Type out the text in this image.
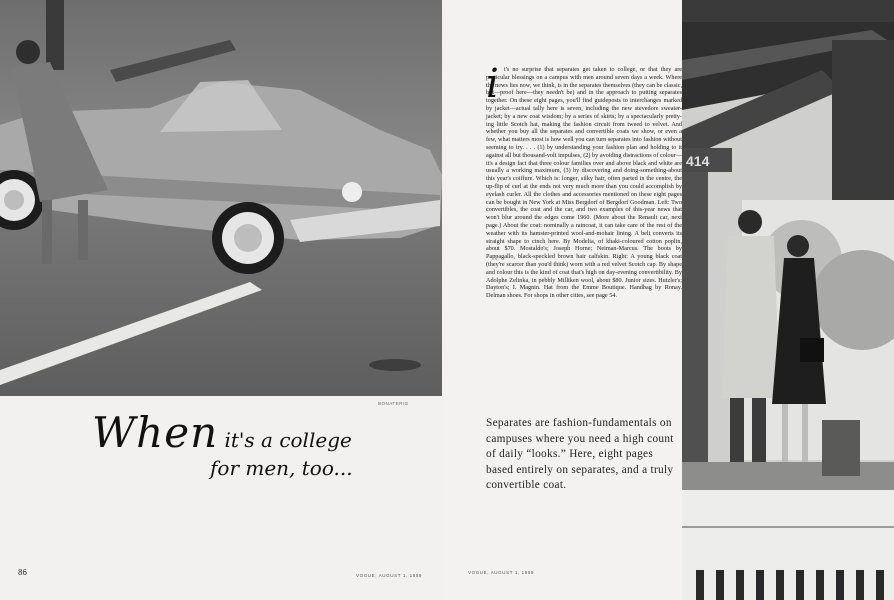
BONATERIG
When it's a college
for men, too...
86	VOGUE, AUGUST 1, 1959
i t's no surprise that separates get taken to college, or that they are particular blessings on a campus with men around seven days a week. Where the news lies now, we think, is in the separates themselves (they can be classic, but—proof here—they needn't be) and in the approach to putting separates together. On these eight pages, you'll find guideposts to interchanges marked by jacket—actual tally here is seven, including the new stevedore sweater-jacket; by a new coat wisdom; by a series of skirts; by a spectacularly pretty-ing little Scotch hat, making the fashion circuit from tweed to velvet. And whether you buy all the separates and convertible coats we show, or even a few, what matters most is how well you can turn separates into fashion without seeming to try. . . . (1) by understanding your fashion plan and holding to it against all but thousand-volt impulses, (2) by avoiding distractions of colour—it's a design fact that three colour families over and above black and white are usually a working maximum, (3) by discovering and doing-something-about this year's coiffure. Which is: longer, silky hair, often parted in the centre, the up-flip of curl at the ends not very much more than you could accomplish by eyelash curler. All the clothes and accessories mentioned on these eight pages can be bought in New York at Miss Bergdorf of Bergdorf Goodman. Left: Two convertibles, the coat and the car, and two examples of this-year news that won't blur around the edges come 1960. (More about the Renault car, next page.) About the coat: nominally a raincoat, it can take care of the rest of the weather with its hamster-printed wool-and-mohair lining. A belt converts its straight shape to cinch here. By Modelia, of khaki-coloured cotton poplin, about $70. Mostaldo's; Joseph Horne; Neiman-Marcus. The boots by Pappagallo, black-speckled brown hair calfskin. Right: A young black coat (they're scarcer than you'd think) worn with a red velvet Scotch cap. By shape and colour this is the kind of coat that's high on day-evening convertibility. By Adolphe Zelinka, in pebbly Milliken wool, about $80. Junior sizes. Hutzler's; Dayton's; I. Magnin. Hat from the Emme Boutique. Handbag by Ronay. Delman shoes. For shops in other cities, see page 54.
Separates are fashion-fundamentals on campuses where you need a high count of daily “looks.” Here, eight pages based entirely on separates, and a truly convertible coat.
VOGUE, AUGUST 1, 1959
414
